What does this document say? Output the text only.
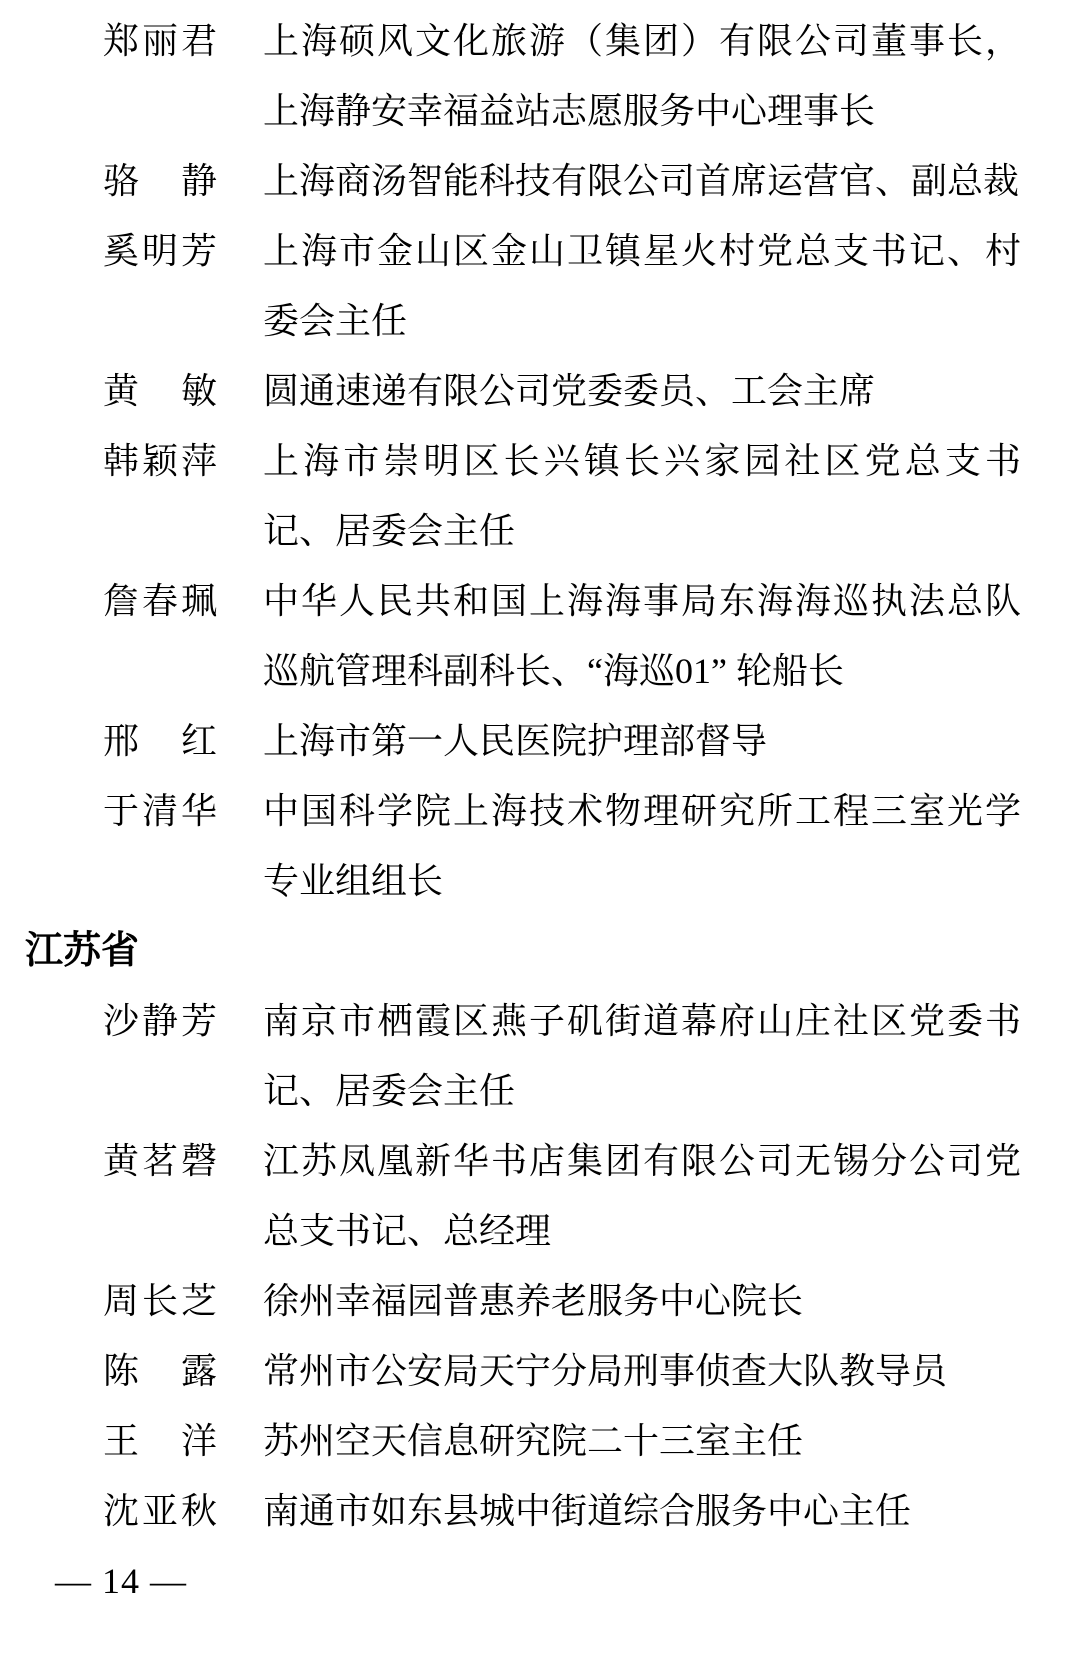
郑 丽 君 上海硕风文化旅游（集团）有限公司董事长，
上海静安幸福益站志愿服务中心理事长
骆 静 上海商汤智能科技有限公司首席运营官、副总裁
奚 明 芳 上海市金山区金山卫镇星火村党总支书记、村
委会主任
黄 敏 圆通速递有限公司党委委员、工会主席
韩 颖 萍 上海市崇明区长兴镇长兴家园社区党总支书
记、居委会主任
詹 春 珮 中华人民共和国上海海事局东海海巡执法总队
巡航管理科副科长、“海巡01” 轮船长
邢 红 上海市第一人民医院护理部督导
于 清 华 中国科学院上海技术物理研究所工程三室光学
专业组组长
江苏省
沙 静 芳 南京市栖霞区燕子矶街道幕府山庄社区党委书
记、居委会主任
黄 茗 磬 江苏凤凰新华书店集团有限公司无锡分公司党
总支书记、总经理
周 长 芝 徐州幸福园普惠养老服务中心院长
陈 露 常州市公安局天宁分局刑事侦查大队教导员
王 洋 苏州空天信息研究院二十三室主任
沈 亚 秋 南通市如东县城中街道综合服务中心主任
— 14 —
